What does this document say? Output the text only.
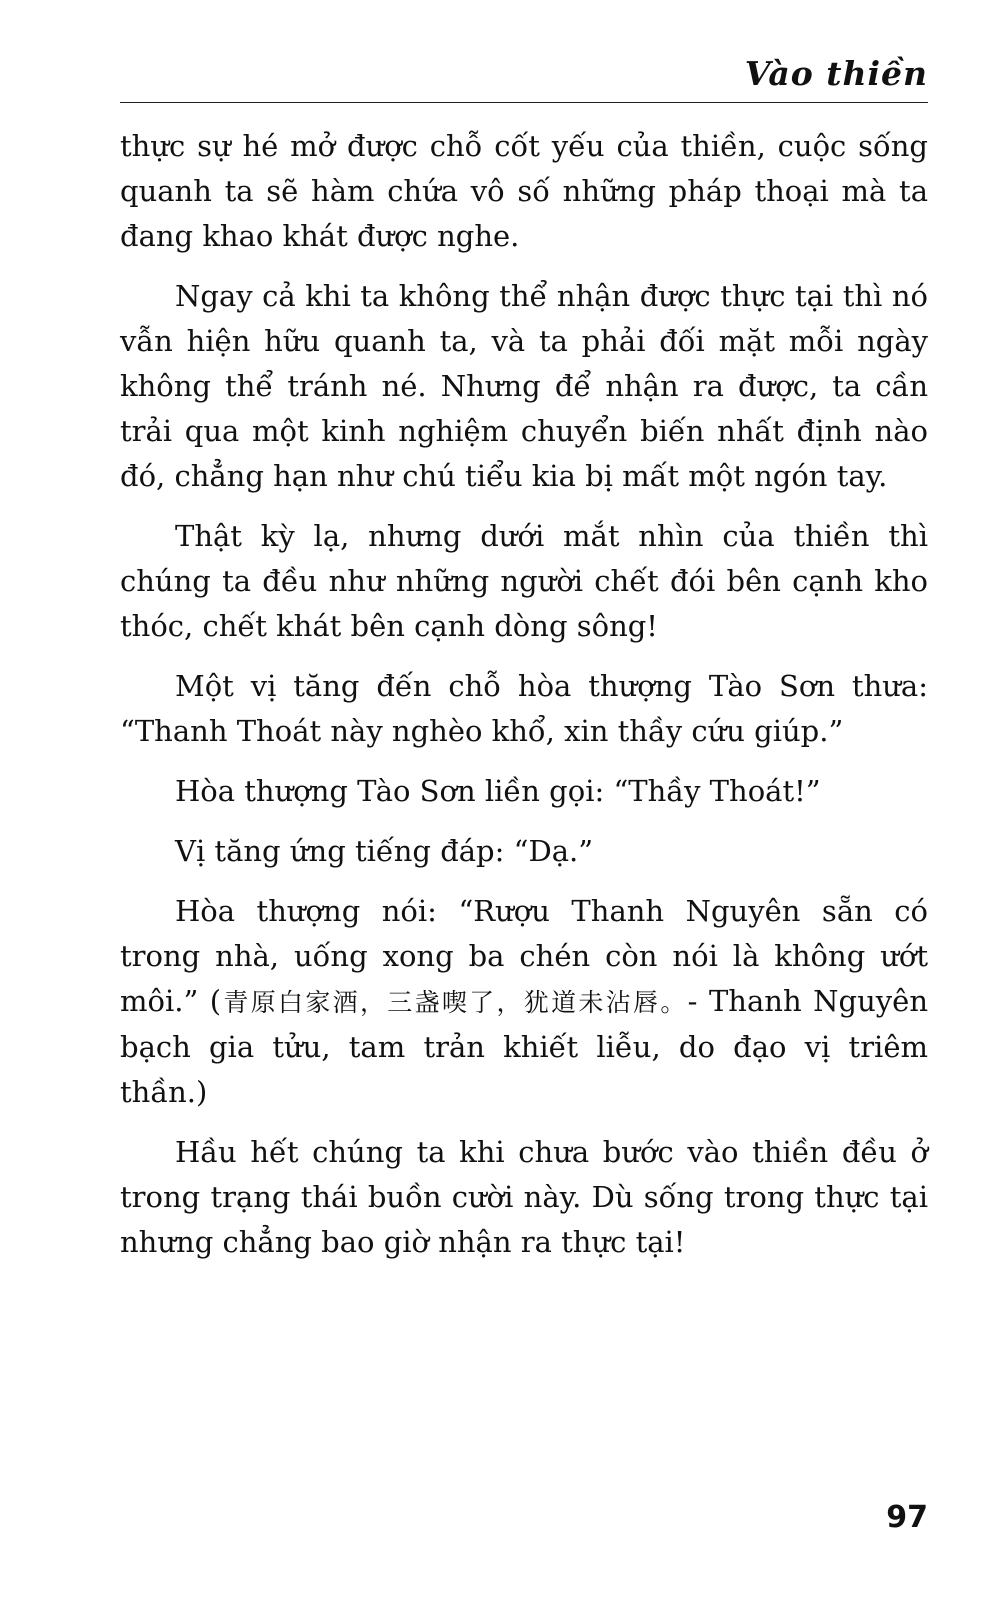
Vào thiền

thực sự hé mở được chỗ cốt yếu của thiền, cuộc sống quanh ta sẽ hàm chứa vô số những pháp thoại mà ta đang khao khát được nghe.

Ngay cả khi ta không thể nhận được thực tại thì nó vẫn hiện hữu quanh ta, và ta phải đối mặt mỗi ngày không thể tránh né. Nhưng để nhận ra được, ta cần trải qua một kinh nghiệm chuyển biến nhất định nào đó, chẳng hạn như chú tiểu kia bị mất một ngón tay.

Thật kỳ lạ, nhưng dưới mắt nhìn của thiền thì chúng ta đều như những người chết đói bên cạnh kho thóc, chết khát bên cạnh dòng sông!

Một vị tăng đến chỗ hòa thượng Tào Sơn thưa: “Thanh Thoát này nghèo khổ, xin thầy cứu giúp.”

Hòa thượng Tào Sơn liền gọi: “Thầy Thoát!”

Vị tăng ứng tiếng đáp: “Dạ.”

Hòa thượng nói: “Rượu Thanh Nguyên sẵn có trong nhà, uống xong ba chén còn nói là không ướt môi.” (青原白家酒，三盏喫了，犹道未沾唇。- Thanh Nguyên bạch gia tửu, tam trản khiết liễu, do đạo vị triêm thần.)

Hầu hết chúng ta khi chưa bước vào thiền đều ở trong trạng thái buồn cười này. Dù sống trong thực tại nhưng chẳng bao giờ nhận ra thực tại!

97
